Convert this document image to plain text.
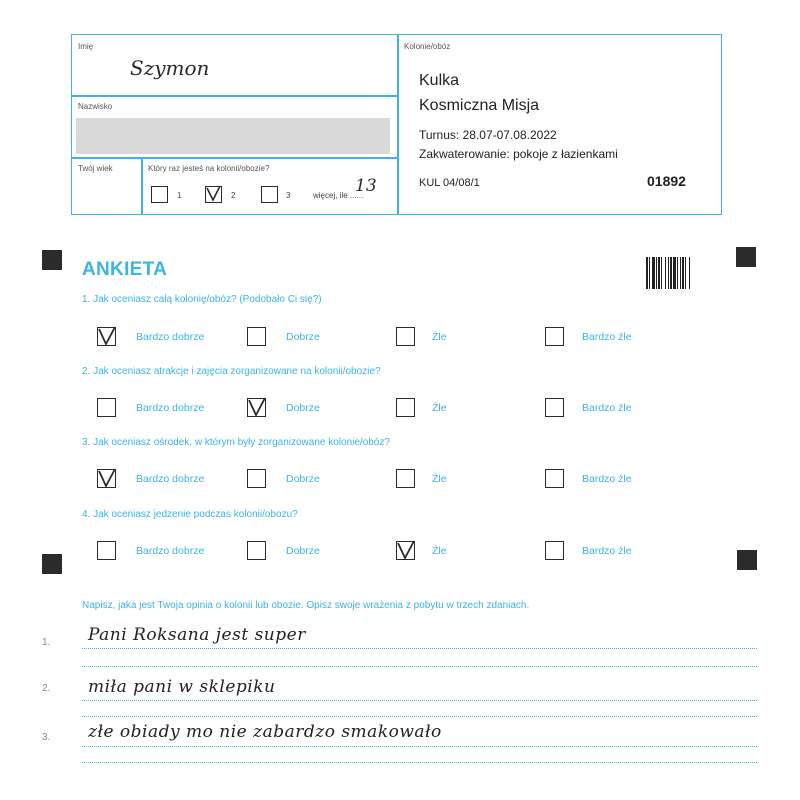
Imię
Szymon
Nazwisko
Twój wiek	Który raz jesteś na kolonii/obozie?
1	2	3	więcej, ile ......
13
Kolonie/obóz
Kulka
Kosmiczna Misja
Turnus: 28.07-07.08.2022
Zakwaterowanie: pokoje z łazienkami
KUL 04/08/1	01892
ANKIETA
1. Jak oceniasz całą kolonię/obóz? (Podobało Ci się?)
Bardzo dobrze	Dobrze	Źle	Bardzo źle
2. Jak oceniasz atrakcje i zajęcia zorganizowane na kolonii/obozie?
Bardzo dobrze	Dobrze	Źle	Bardzo źle
3. Jak oceniasz ośrodek, w którym były zorganizowane kolonie/obóz?
Bardzo dobrze	Dobrze	Źle	Bardzo źle
4. Jak oceniasz jedzenie podczas kolonii/obozu?
Bardzo dobrze	Dobrze	Źle	Bardzo źle
Napisz, jaka jest Twoja opinia o kolonii lub obozie. Opisz swoje wrażenia z pobytu w trzech zdaniach.
1. Pani Roksana jest super
2. miła pani w sklepiku
3. złe obiady mo nie zabardzo smakowało
